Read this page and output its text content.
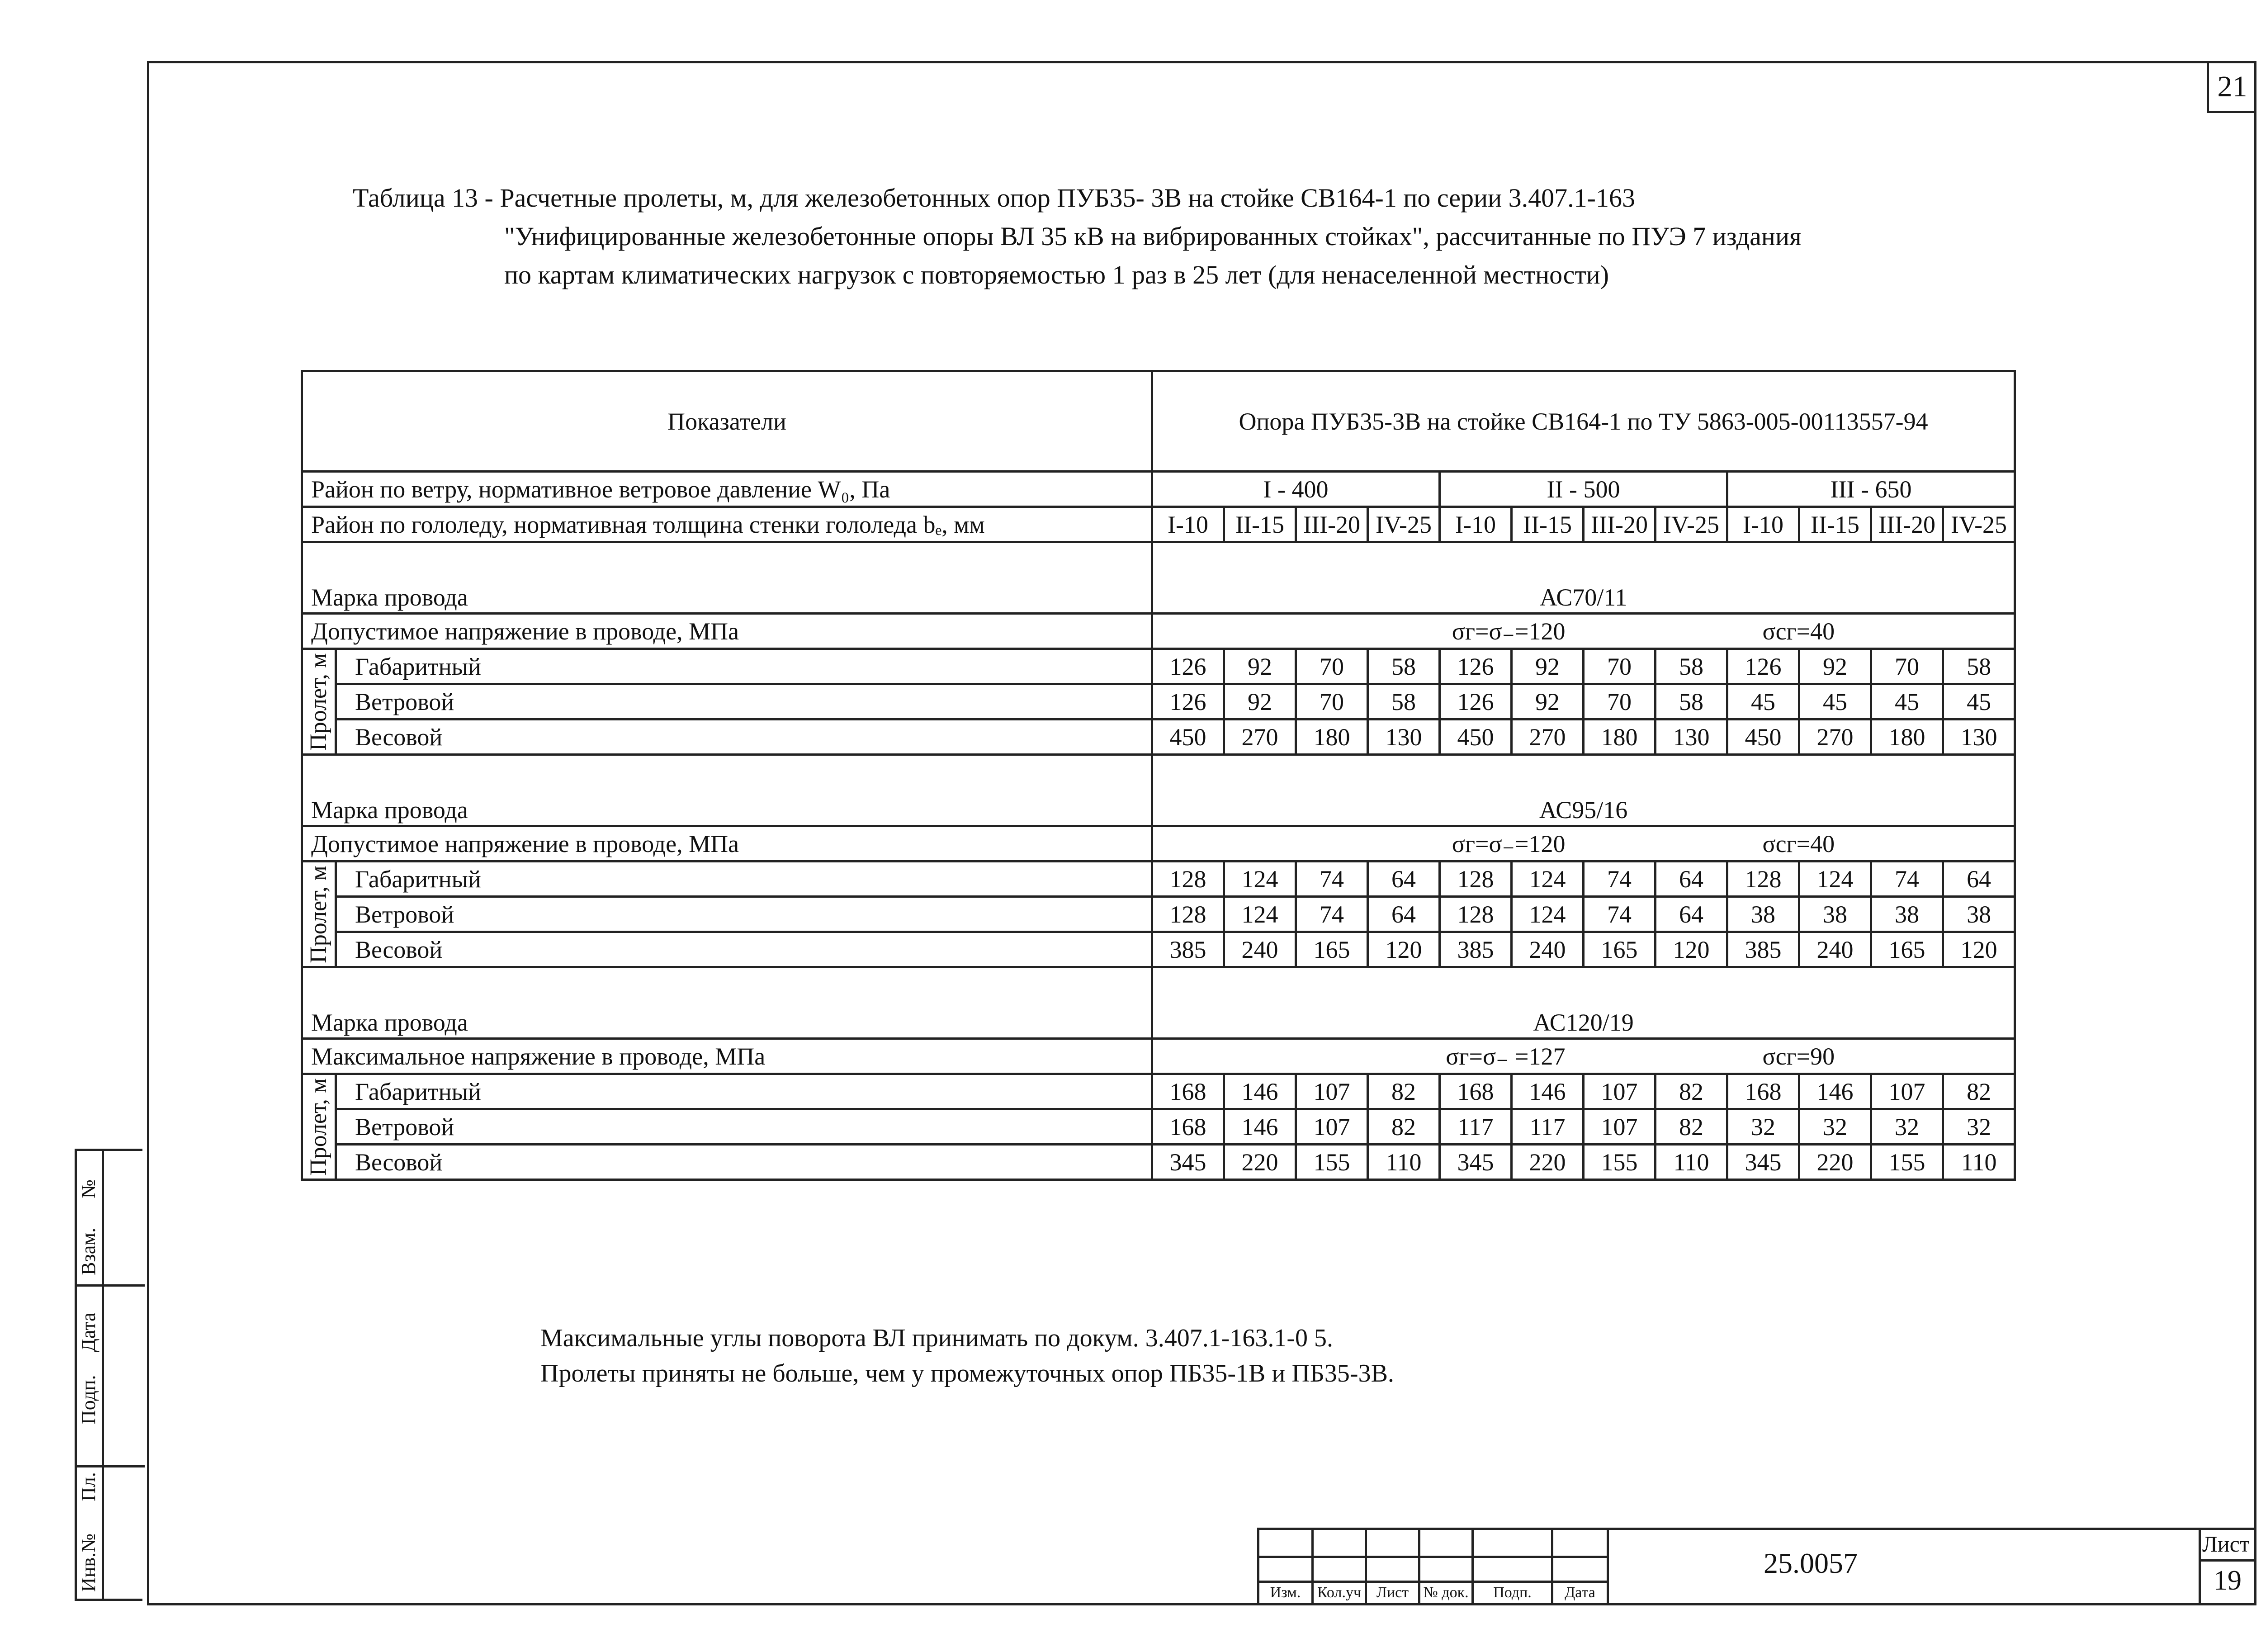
21
Таблица 13 - Расчетные пролеты, м, для железобетонных опор ПУБ35- 3В на стойке СВ164-1 по серии 3.407.1-163
"Унифицированные железобетонные опоры ВЛ 35 кВ на вибрированных стойках", рассчитанные по ПУЭ 7 издания
по картам климатических нагрузок с повторяемостью 1 раз в 25 лет (для ненаселенной местности)
Показатели		Опора ПУБ35-3В на стойке СВ164-1 по ТУ 5863-005-00113557-94											
Район по ветру, нормативное ветровое давление W₀, Па		I - 400				II - 500				III - 650			
Район по гололеду, нормативная толщина стенки гололеда bₑ, мм		I-10	II-15	III-20	IV-25	I-10	II-15	III-20	IV-25	I-10	II-15	III-20	IV-25
Марка провода		АС70/11											
Допустимое напряжение в проводе, МПа		σг=σ₋=120						σсг=40					

Пролет, м	Габаритный	126	92	70	58	126	92	70	58	126	92	70	58
	Ветровой	126	92	70	58	126	92	70	58	45	45	45	45
	Весовой	450	270	180	130	450	270	180	130	450	270	180	130
Марка провода		АС95/16											
Допустимое напряжение в проводе, МПа		σг=σ₋=120						σсг=40					

Пролет, м	Габаритный	128	124	74	64	128	124	74	64	128	124	74	64
	Ветровой	128	124	74	64	128	124	74	64	38	38	38	38
	Весовой	385	240	165	120	385	240	165	120	385	240	165	120
Марка провода		АС120/19											
Максимальное напряжение в проводе, МПа		σг=σ₋ =127						σсг=90					

Пролет, м	Габаритный	168	146	107	82	168	146	107	82	168	146	107	82
	Ветровой	168	146	107	82	117	117	107	82	32	32	32	32
	Весовой	345	220	155	110	345	220	155	110	345	220	155	110
Максимальные углы поворота ВЛ принимать по докум. 3.407.1-163.1-0 5.
Пролеты приняты не больше, чем у промежуточных опор ПБ35-1В и ПБ35-3В.
Инв.№
Пл.
Подп.
Дата
Взам.
№
Изм.	Кол.уч Лист № док.	Подп.	Дата
25.0057
Лист
19
